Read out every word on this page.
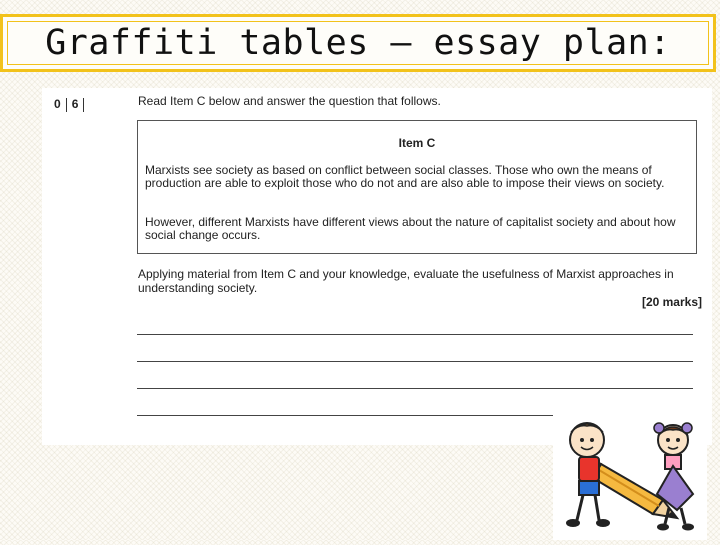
Graffiti tables – essay plan:
0 6	Read Item C below and answer the question that follows.
Item C

Marxists see society as based on conflict between social classes. Those who own the means of production are able to exploit those who do not and are also able to impose their views on society.

However, different Marxists have different views about the nature of capitalist society and about how social change occurs.

Applying material from Item C and your knowledge, evaluate the usefulness of Marxist approaches in understanding society.
[20 marks]
